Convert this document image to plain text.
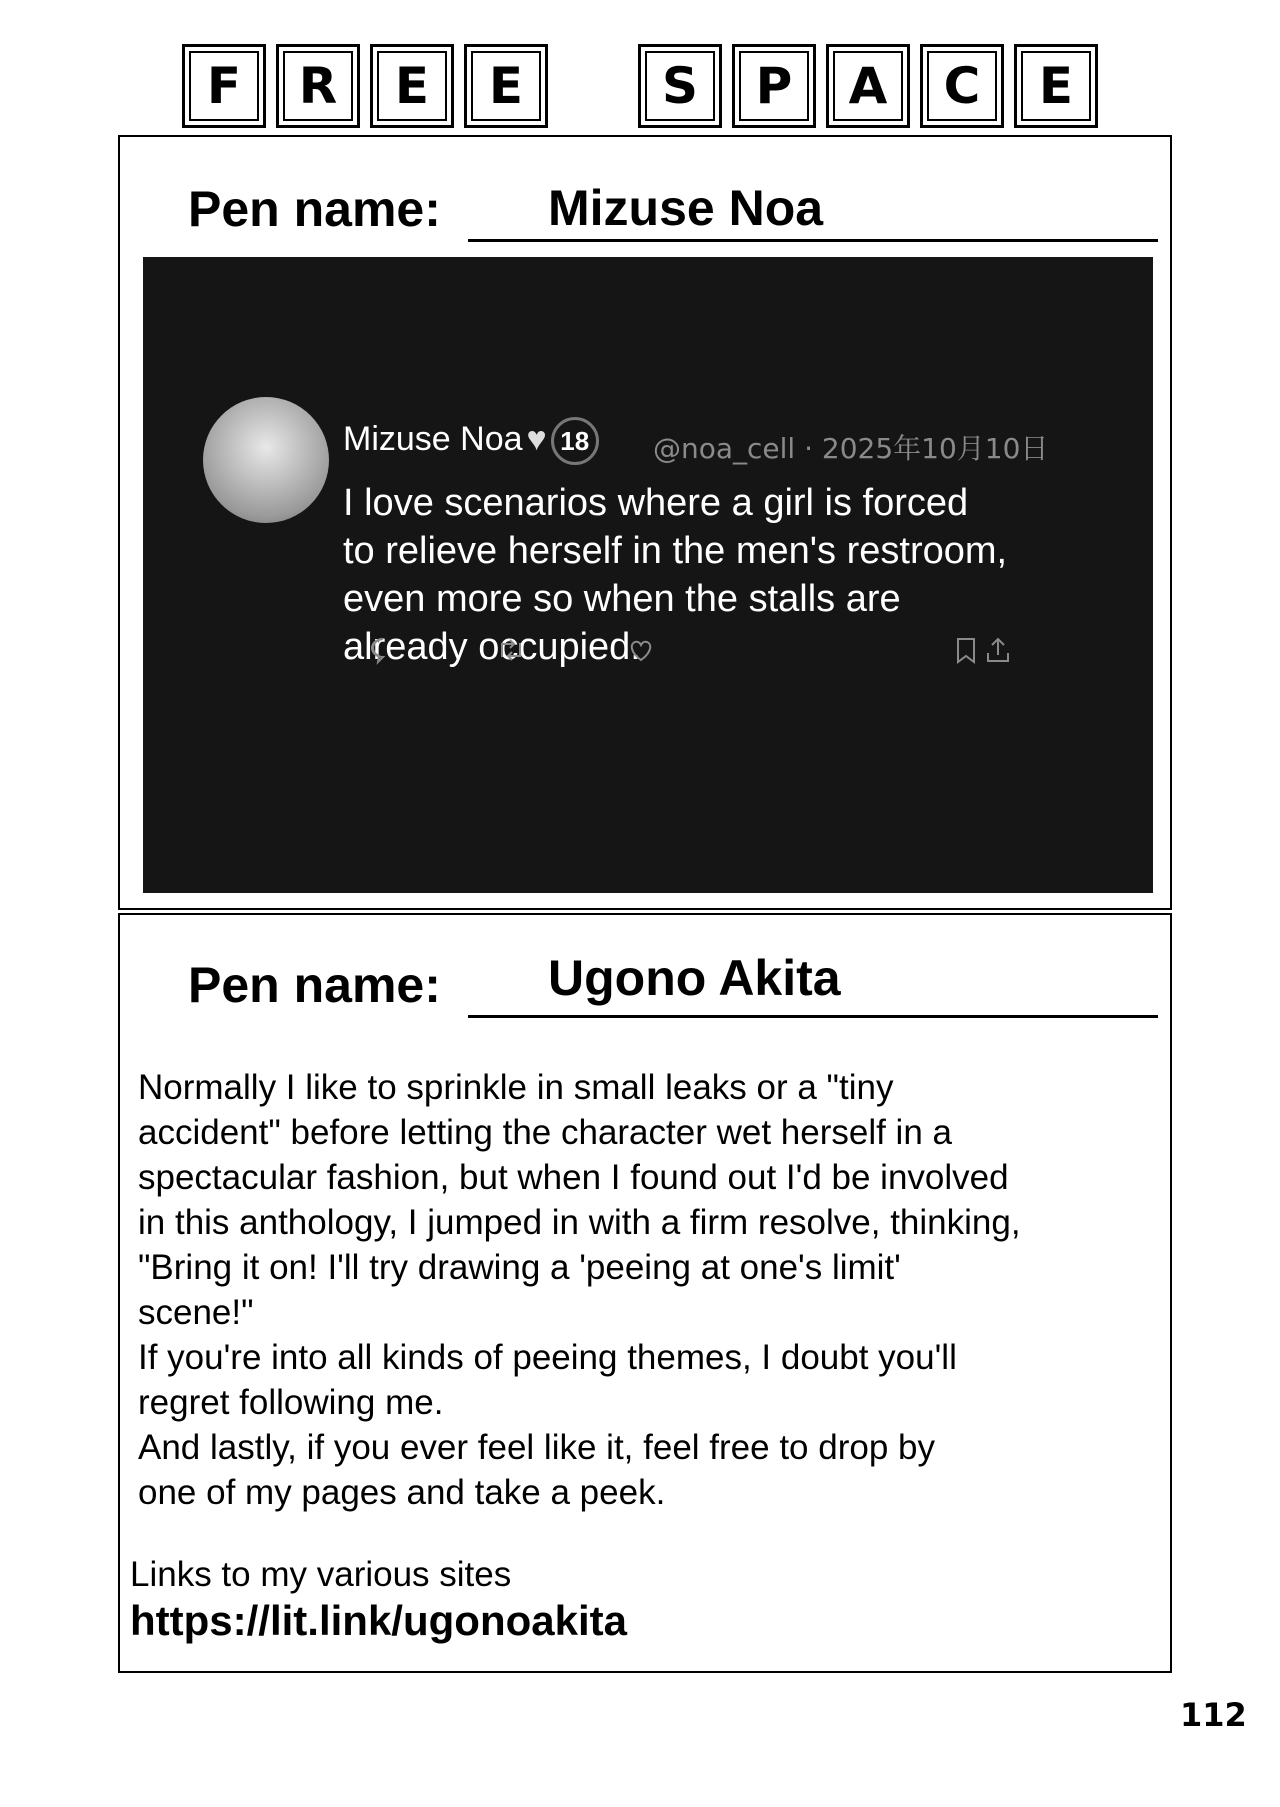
F	R	E	E	S	P	A	C	E
Pen name: Mizuse Noa
Mizuse Noa ♥ 18	@noa_cell · 2025年10月10日
I love scenarios where a girl is forced
to relieve herself in the men's restroom,
even more so when the stalls are
already occupied.
Pen name: Ugono Akita
Normally I like to sprinkle in small leaks or a "tiny
accident" before letting the character wet herself in a
spectacular fashion, but when I found out I'd be involved
in this anthology, I jumped in with a firm resolve, thinking,
"Bring it on! I'll try drawing a 'peeing at one's limit'
scene!"
If you're into all kinds of peeing themes, I doubt you'll
regret following me.
And lastly, if you ever feel like it, feel free to drop by
one of my pages and take a peek.
Links to my various sites
https://lit.link/ugonoakita
112
